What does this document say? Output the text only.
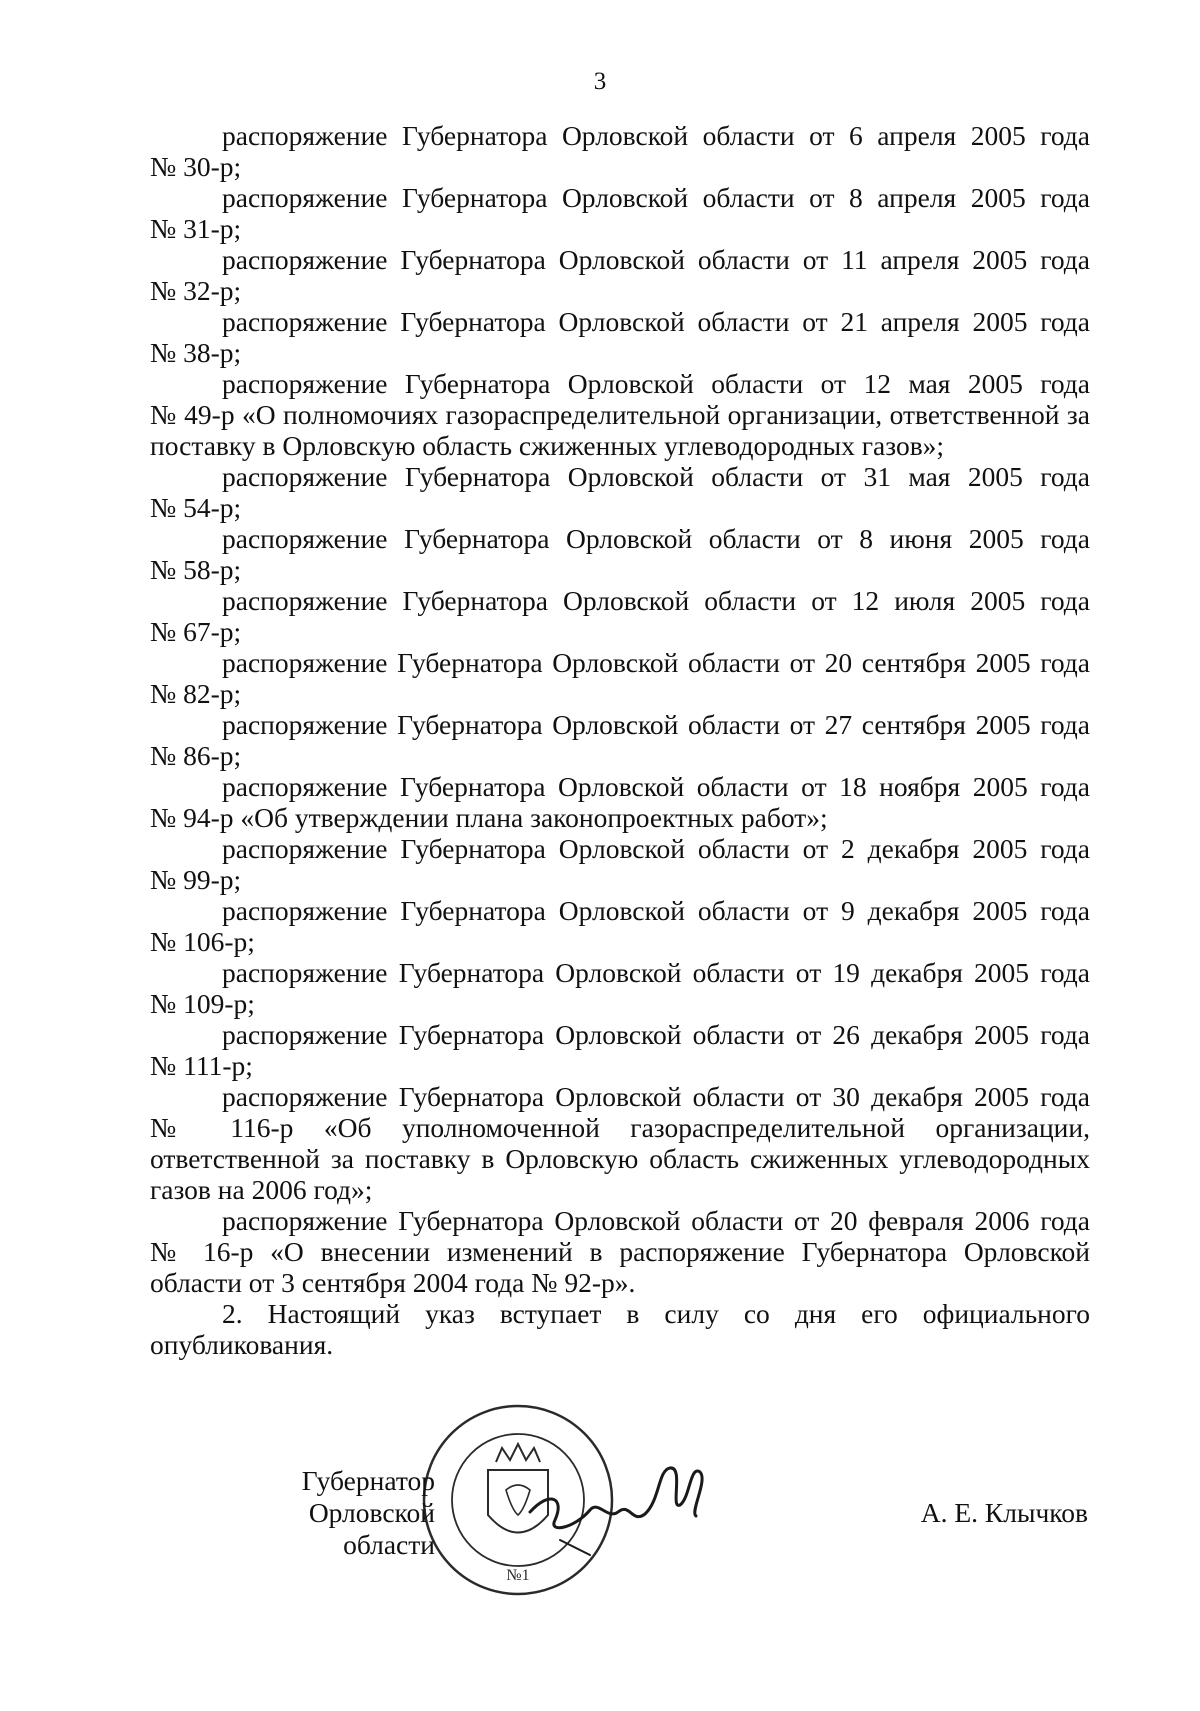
3

распоряжение Губернатора Орловской области от 6 апреля 2005 года
№ 30-р;

распоряжение Губернатора Орловской области от 8 апреля 2005 года
№ 31-р;

распоряжение Губернатора Орловской области от 11 апреля 2005 года
№ 32-р;

распоряжение Губернатора Орловской области от 21 апреля 2005 года
№ 38-р;

распоряжение Губернатора Орловской области от 12 мая 2005 года
№ 49-р «О полномочиях газораспределительной организации, ответственной за поставку в Орловскую область сжиженных углеводородных газов»;

распоряжение Губернатора Орловской области от 31 мая 2005 года
№ 54-р;

распоряжение Губернатора Орловской области от 8 июня 2005 года
№ 58-р;

распоряжение Губернатора Орловской области от 12 июля 2005 года
№ 67-р;

распоряжение Губернатора Орловской области от 20 сентября 2005 года
№ 82-р;

распоряжение Губернатора Орловской области от 27 сентября 2005 года
№ 86-р;

распоряжение Губернатора Орловской области от 18 ноября 2005 года
№ 94-р «Об утверждении плана законопроектных работ»;

распоряжение Губернатора Орловской области от 2 декабря 2005 года
№ 99-р;

распоряжение Губернатора Орловской области от 9 декабря 2005 года
№ 106-р;

распоряжение Губернатора Орловской области от 19 декабря 2005 года
№ 109-р;

распоряжение Губернатора Орловской области от 26 декабря 2005 года
№ 111-р;

распоряжение Губернатора Орловской области от 30 декабря 2005 года
№ 116-р «Об уполномоченной газораспределительной организации, ответственной за поставку в Орловскую область сжиженных углеводородных газов на 2006 год»;

распоряжение Губернатора Орловской области от 20 февраля 2006 года
№ 16-р «О внесении изменений в распоряжение Губернатора Орловской области от 3 сентября 2004 года № 92-р».

2. Настоящий указ вступает в силу со дня его официального опубликования.

№1
Губернатор
Орловской области
А. Е. Клычков
